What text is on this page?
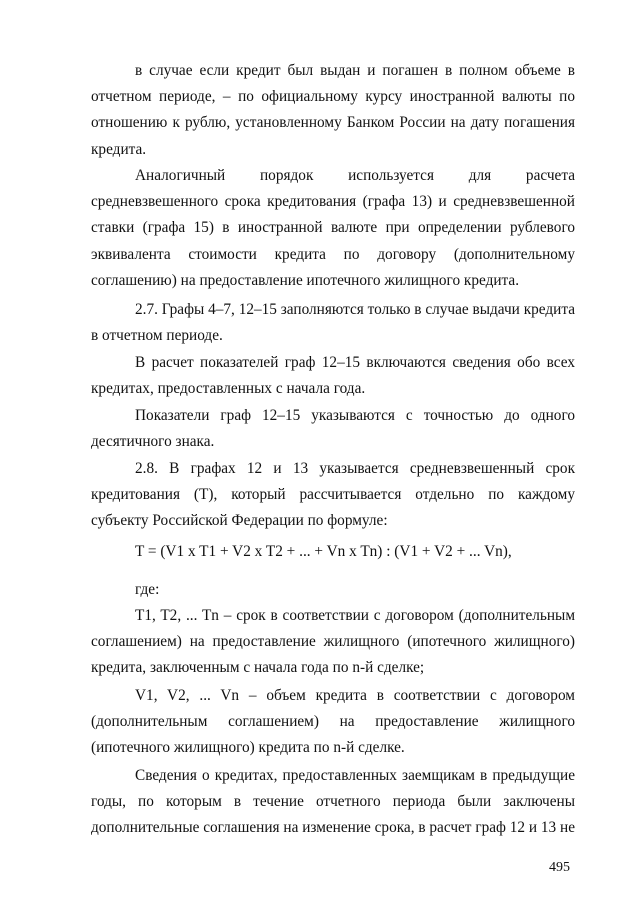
в случае если кредит был выдан и погашен в полном объеме в отчетном периоде, – по официальному курсу иностранной валюты по отношению к рублю, установленному Банком России на дату погашения кредита.
Аналогичный порядок используется для расчета средневзвешенного срока кредитования (графа 13) и средневзвешенной ставки (графа 15) в иностранной валюте при определении рублевого эквивалента стоимости кредита по договору (дополнительному соглашению) на предоставление ипотечного жилищного кредита.
2.7. Графы 4–7, 12–15 заполняются только в случае выдачи кредита в отчетном периоде.
В расчет показателей граф 12–15 включаются сведения обо всех кредитах, предоставленных с начала года.
Показатели граф 12–15 указываются с точностью до одного десятичного знака.
2.8. В графах 12 и 13 указывается средневзвешенный срок кредитования (Т), который рассчитывается отдельно по каждому субъекту Российской Федерации по формуле:
T = (V1 x T1 + V2 x T2 + ... + Vn x Tn) : (V1 + V2 + ... Vn),
где:
T1, T2, ... Tn – срок в соответствии с договором (дополнительным соглашением) на предоставление жилищного (ипотечного жилищного) кредита, заключенным с начала года по n-й сделке;
V1, V2, ... Vn – объем кредита в соответствии с договором (дополнительным соглашением) на предоставление жилищного (ипотечного жилищного) кредита по n-й сделке.
Сведения о кредитах, предоставленных заемщикам в предыдущие годы, по которым в течение отчетного периода были заключены дополнительные соглашения на изменение срока, в расчет граф 12 и 13 не
495
